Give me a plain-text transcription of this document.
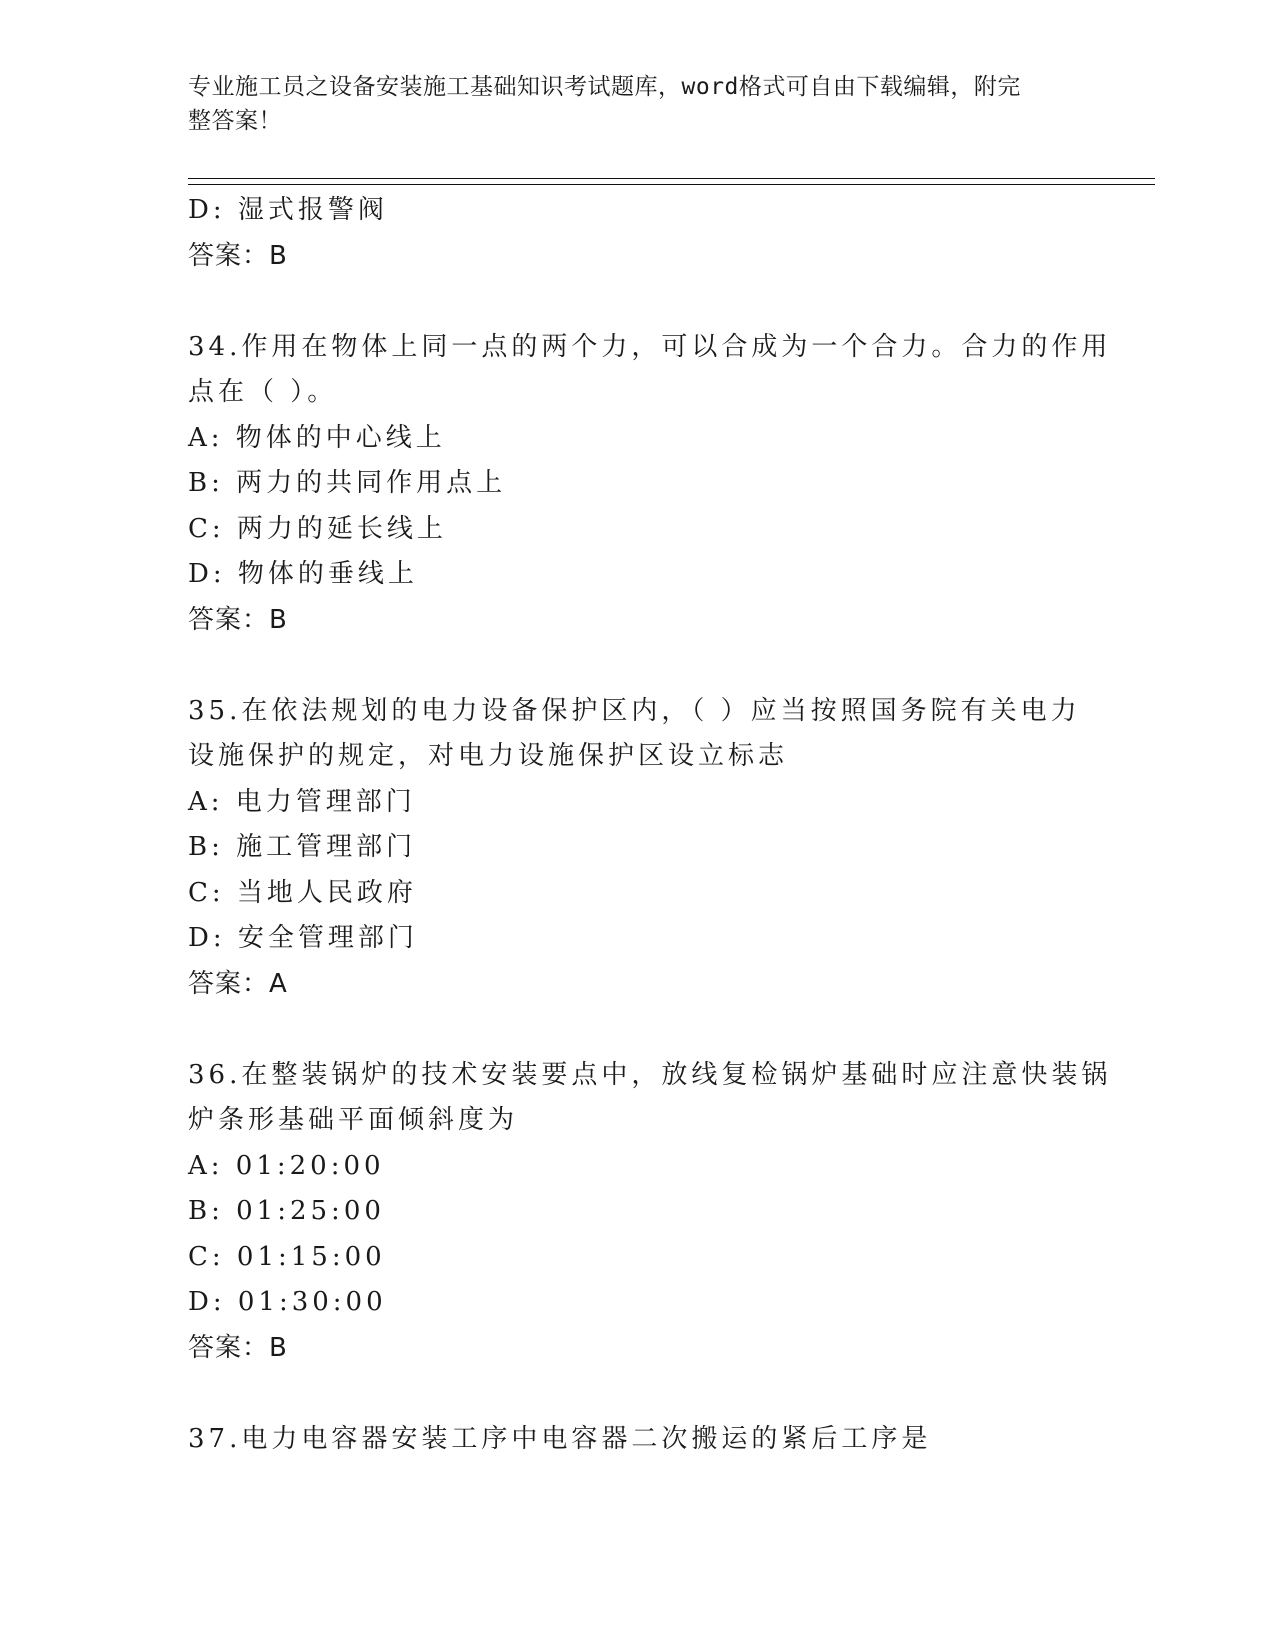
专业施工员之设备安装施工基础知识考试题库，word格式可自由下载编辑，附完
整答案！
D: 湿式报警阀
答案：B
34.作用在物体上同一点的两个力，可以合成为一个合力。合力的作用
点在（ ）。
A: 物体的中心线上
B: 两力的共同作用点上
C: 两力的延长线上
D: 物体的垂线上
答案：B
35.在依法规划的电力设备保护区内，（ ）应当按照国务院有关电力
设施保护的规定，对电力设施保护区设立标志
A: 电力管理部门
B: 施工管理部门
C: 当地人民政府
D: 安全管理部门
答案：A
36.在整装锅炉的技术安装要点中，放线复检锅炉基础时应注意快装锅
炉条形基础平面倾斜度为
A: 01:20:00
B: 01:25:00
C: 01:15:00
D: 01:30:00
答案：B
37.电力电容器安装工序中电容器二次搬运的紧后工序是
